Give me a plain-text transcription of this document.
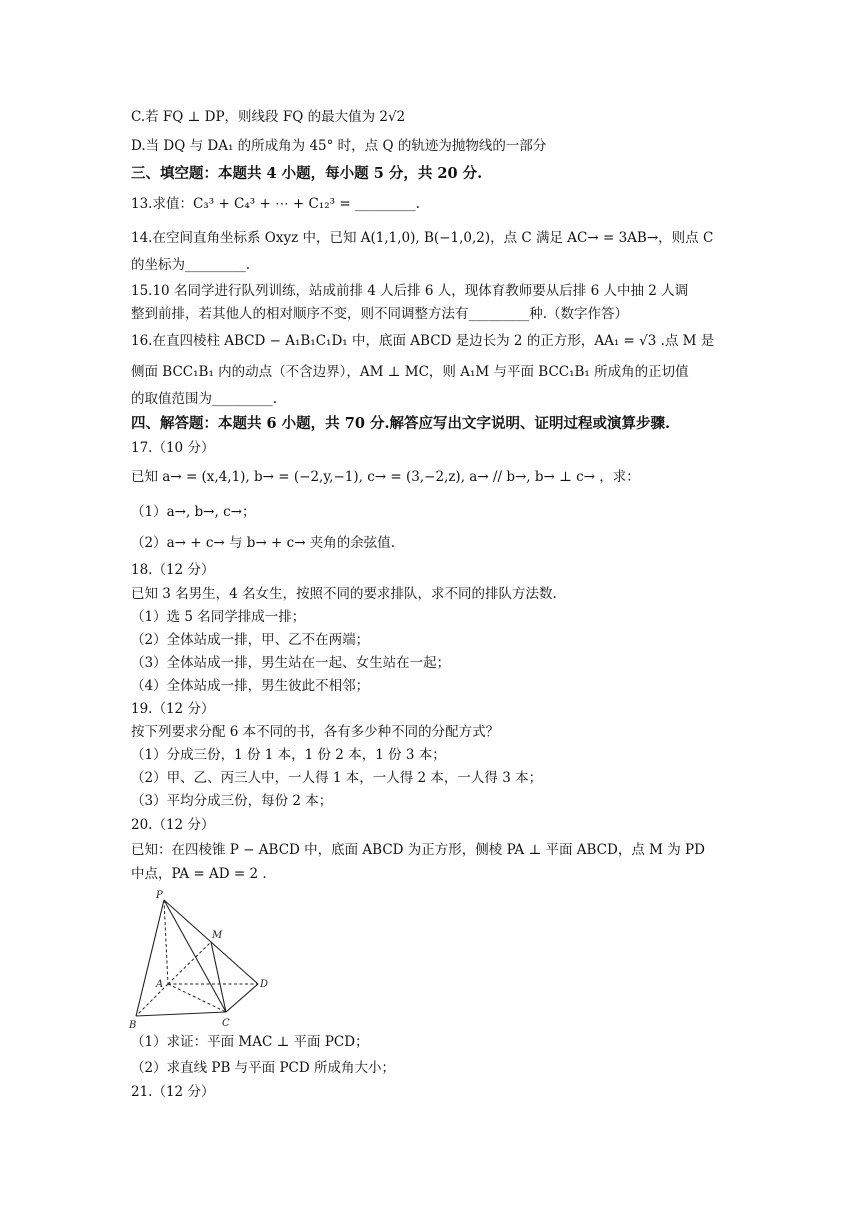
C.若 FQ ⊥ DP，则线段 FQ 的最大值为 2√2
D.当 DQ 与 DA₁ 的所成角为 45° 时，点 Q 的轨迹为抛物线的一部分
三、填空题：本题共 4 小题，每小题 5 分，共 20 分.
13.求值：C₃³ + C₄³ + ⋯ + C₁₂³ = _________.
14.在空间直角坐标系 Oxyz 中，已知 A(1,1,0), B(−1,0,2)，点 C 满足 AC→ = 3AB→，则点 C
的坐标为_________.
15.10 名同学进行队列训练，站成前排 4 人后排 6 人，现体育教师要从后排 6 人中抽 2 人调
整到前排，若其他人的相对顺序不变，则不同调整方法有_________种.（数字作答）
16.在直四棱柱 ABCD − A₁B₁C₁D₁ 中，底面 ABCD 是边长为 2 的正方形，AA₁ = √3 .点 M 是
侧面 BCC₁B₁ 内的动点（不含边界），AM ⊥ MC，则 A₁M 与平面 BCC₁B₁ 所成角的正切值
的取值范围为_________.
四、解答题：本题共 6 小题，共 70 分.解答应写出文字说明、证明过程或演算步骤.
17.（10 分）
已知 a→ = (x,4,1), b→ = (−2,y,−1), c→ = (3,−2,z), a→ // b→, b→ ⊥ c→ ，求：
（1）a→, b→, c→；
（2）a→ + c→ 与 b→ + c→ 夹角的余弦值.
18.（12 分）
已知 3 名男生，4 名女生，按照不同的要求排队，求不同的排队方法数.
（1）选 5 名同学排成一排；
（2）全体站成一排，甲、乙不在两端；
（3）全体站成一排，男生站在一起、女生站在一起；
（4）全体站成一排，男生彼此不相邻；
19.（12 分）
按下列要求分配 6 本不同的书，各有多少种不同的分配方式？
（1）分成三份，1 份 1 本，1 份 2 本，1 份 3 本；
（2）甲、乙、丙三人中，一人得 1 本，一人得 2 本，一人得 3 本；
（3）平均分成三份，每份 2 本；
20.（12 分）
已知：在四棱锥 P − ABCD 中，底面 ABCD 为正方形，侧棱 PA ⊥ 平面 ABCD，点 M 为 PD
中点，PA = AD = 2 .
P
M
A	D
B	C
（1）求证：平面 MAC ⊥ 平面 PCD；
（2）求直线 PB 与平面 PCD 所成角大小；
21.（12 分）
